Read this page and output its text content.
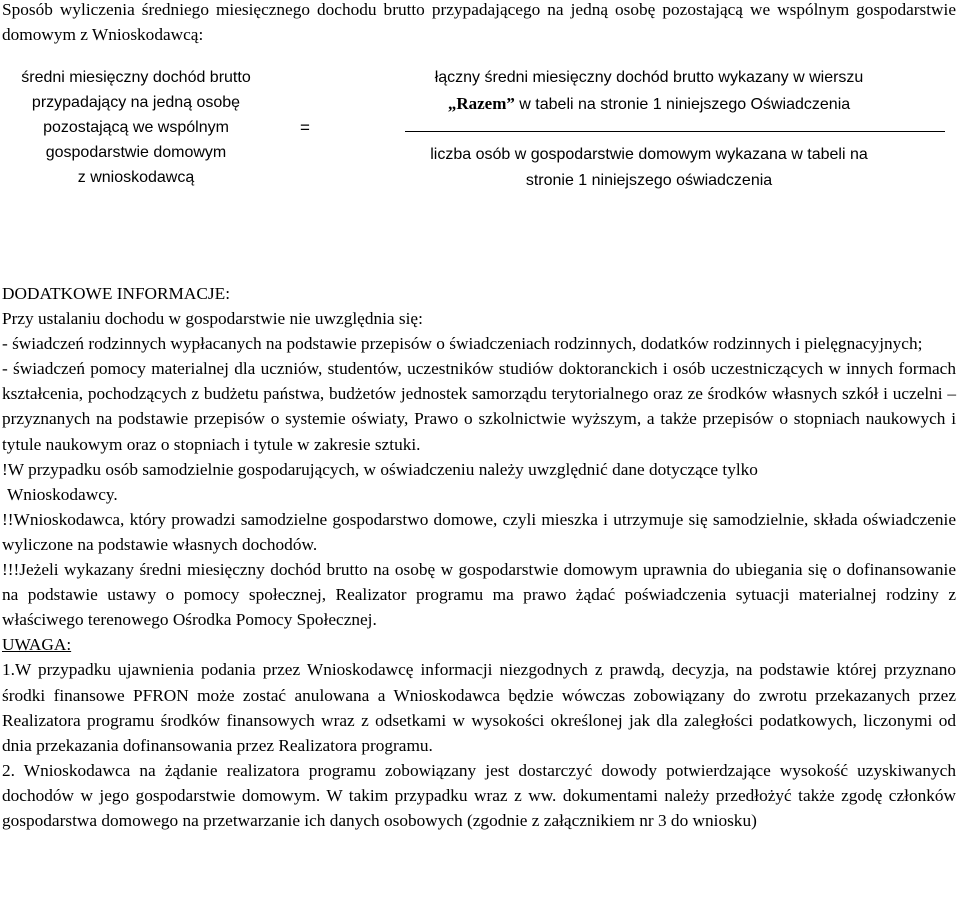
Sposób wyliczenia średniego miesięcznego dochodu brutto przypadającego na jedną osobę pozostającą we wspólnym gospodarstwie domowym z Wnioskodawcą:
średni miesięczny dochód brutto
przypadający na jedną osobę
pozostającą we wspólnym
gospodarstwie domowym
z wnioskodawcą
=
łączny średni miesięczny dochód brutto wykazany w wierszu
„Razem” w tabeli na stronie 1 niniejszego Oświadczenia
liczba osób w gospodarstwie domowym wykazana w tabeli na
stronie 1 niniejszego oświadczenia
DODATKOWE INFORMACJE:
Przy ustalaniu dochodu w gospodarstwie nie uwzględnia się:
- świadczeń rodzinnych wypłacanych na podstawie przepisów o świadczeniach rodzinnych, dodatków rodzinnych i pielęgnacyjnych;
- świadczeń pomocy materialnej dla uczniów, studentów, uczestników studiów doktoranckich i osób uczestniczących w innych formach kształcenia, pochodzących z budżetu państwa, budżetów jednostek samorządu terytorialnego oraz ze środków własnych szkół i uczelni – przyznanych na podstawie przepisów o systemie oświaty, Prawo o szkolnictwie wyższym, a także przepisów o stopniach naukowych i tytule naukowym oraz o stopniach i tytule w zakresie sztuki.
!W przypadku osób samodzielnie gospodarujących, w oświadczeniu należy uwzględnić dane dotyczące tylko
Wnioskodawcy.
!!Wnioskodawca, który prowadzi samodzielne gospodarstwo domowe, czyli mieszka i utrzymuje się samodzielnie, składa oświadczenie wyliczone na podstawie własnych dochodów.
!!!Jeżeli wykazany średni miesięczny dochód brutto na osobę w gospodarstwie domowym uprawnia do ubiegania się o dofinansowanie na podstawie ustawy o pomocy społecznej, Realizator programu ma prawo żądać poświadczenia sytuacji materialnej rodziny z właściwego terenowego Ośrodka Pomocy Społecznej.
UWAGA:
1.W przypadku ujawnienia podania przez Wnioskodawcę informacji niezgodnych z prawdą, decyzja, na podstawie której przyznano środki finansowe PFRON może zostać anulowana a Wnioskodawca będzie wówczas zobowiązany do zwrotu przekazanych przez Realizatora programu środków finansowych wraz z odsetkami w wysokości określonej jak dla zaległości podatkowych, liczonymi od dnia przekazania dofinansowania przez Realizatora programu.
2. Wnioskodawca na żądanie realizatora programu zobowiązany jest dostarczyć dowody potwierdzające wysokość uzyskiwanych dochodów w jego gospodarstwie domowym. W takim przypadku wraz z ww. dokumentami należy przedłożyć także zgodę członków gospodarstwa domowego na przetwarzanie ich danych osobowych (zgodnie z załącznikiem nr 3 do wniosku)
